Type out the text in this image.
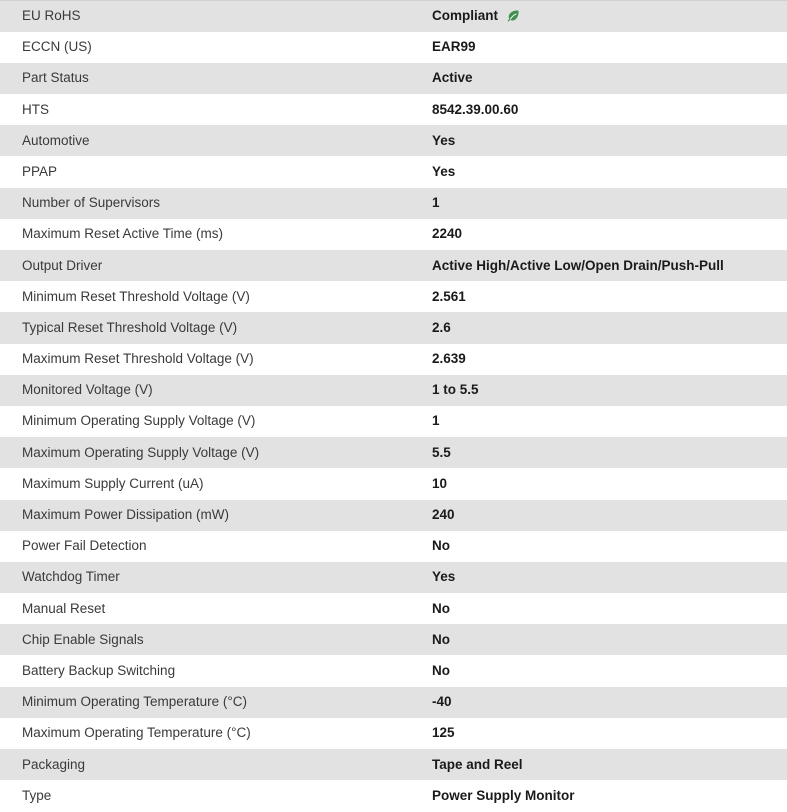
EU RoHS	Compliant

ECCN (US)	EAR99

Part Status	Active

HTS	8542.39.00.60

Automotive	Yes

PPAP	Yes

Number of Supervisors	1

Maximum Reset Active Time (ms)	2240

Output Driver	Active High/Active Low/Open Drain/Push-Pull

Minimum Reset Threshold Voltage (V)	2.561

Typical Reset Threshold Voltage (V)	2.6

Maximum Reset Threshold Voltage (V)	2.639

Monitored Voltage (V)	1 to 5.5

Minimum Operating Supply Voltage (V)	1

Maximum Operating Supply Voltage (V)	5.5

Maximum Supply Current (uA)	10

Maximum Power Dissipation (mW)	240

Power Fail Detection	No

Watchdog Timer	Yes

Manual Reset	No

Chip Enable Signals	No

Battery Backup Switching	No

Minimum Operating Temperature (°C)	-40

Maximum Operating Temperature (°C)	125

Packaging	Tape and Reel

Type	Power Supply Monitor
